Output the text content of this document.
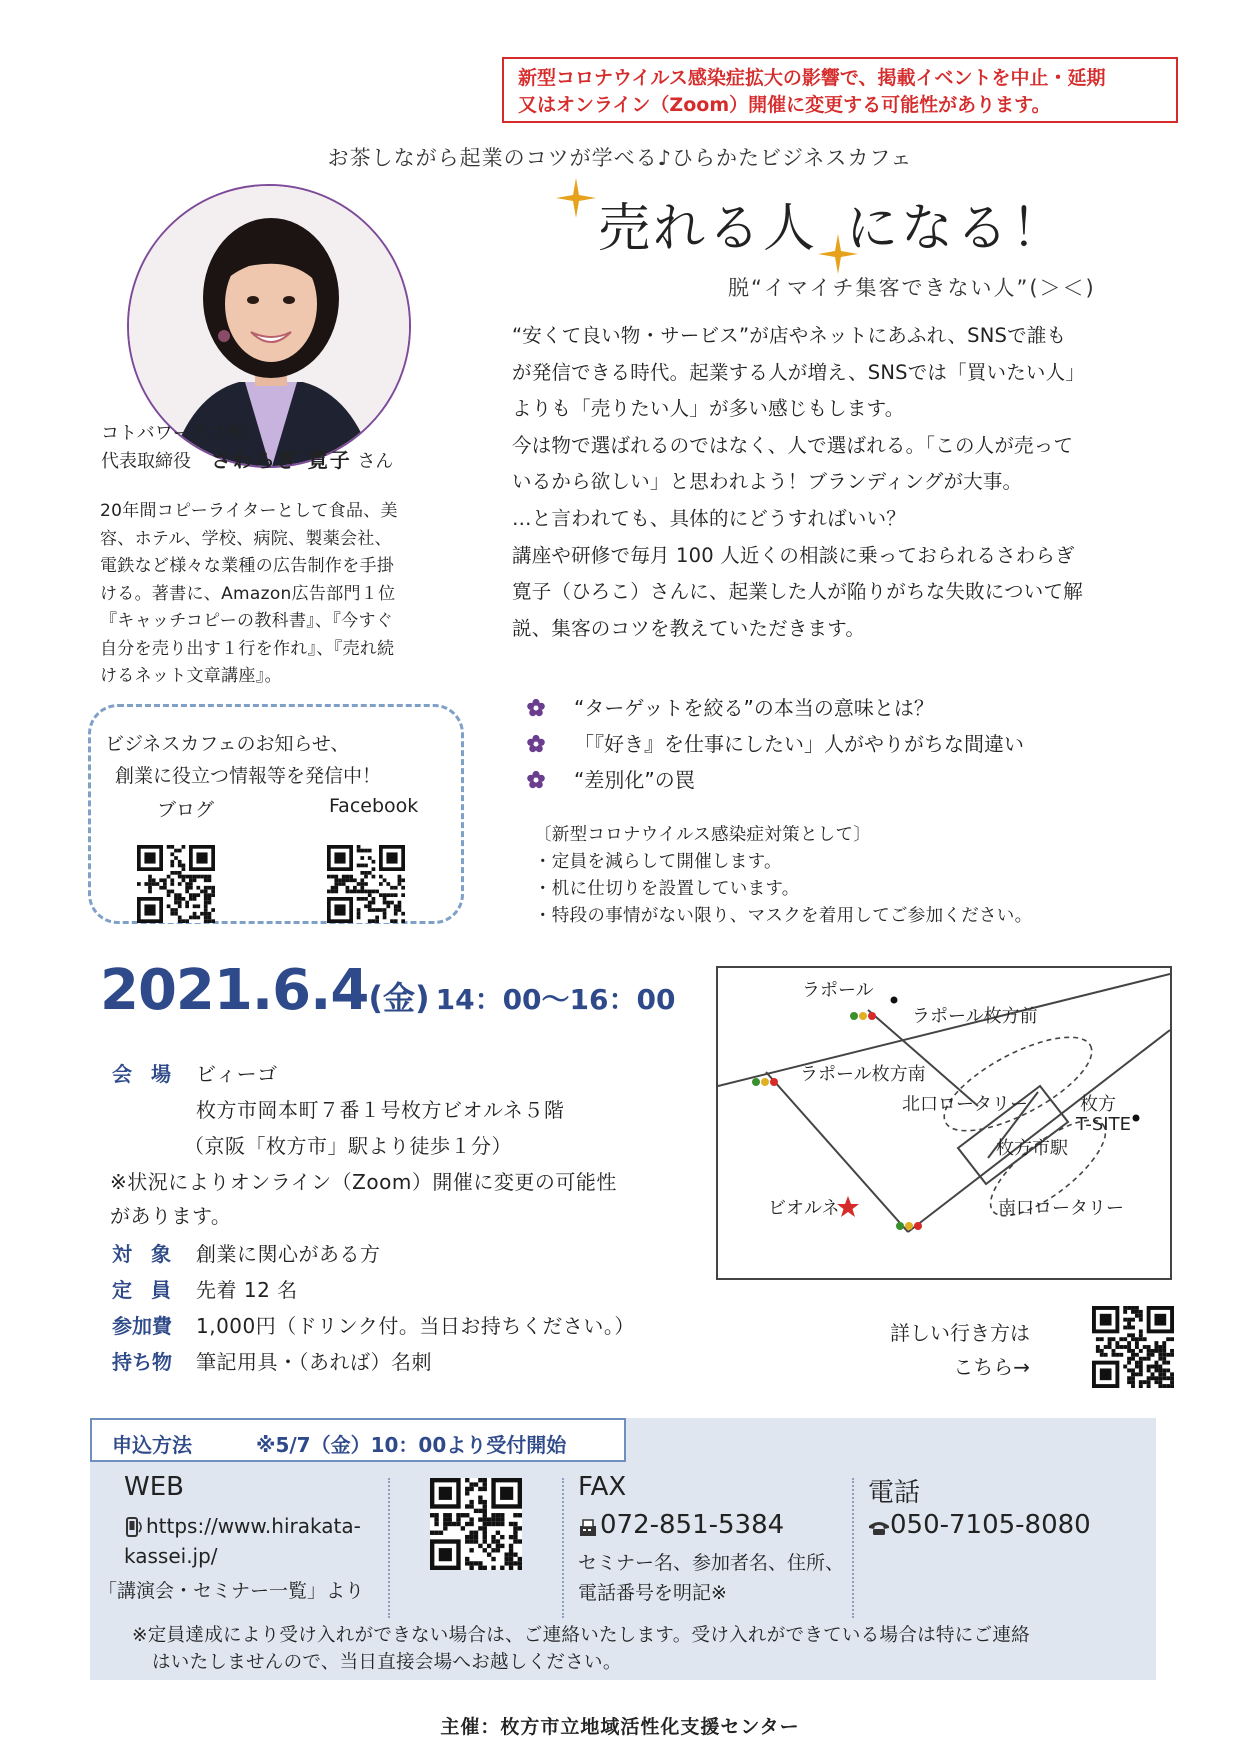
新型コロナウイルス感染症拡大の影響で、掲載イベントを中止・延期
又はオンライン（Zoom）開催に変更する可能性があります。
お茶しながら起業のコツが学べる♪ひらかたビジネスカフェ
売れる人 になる！
脱“イマイチ集客できない人”(＞＜)
コトバワークス㈱
代表取締役 さわらぎ 寛子 さん
20年間コピーライターとして食品、美
容、ホテル、学校、病院、製薬会社、
電鉄など様々な業種の広告制作を手掛
ける。著書に、Amazon広告部門１位
『キャッチコピーの教科書』、『今すぐ
自分を売り出す１行を作れ』、『売れ続
けるネット文章講座』。
ビジネスカフェのお知らせ、
創業に役立つ情報等を発信中！
ブログ	Facebook
“安くて良い物・サービス”が店やネットにあふれ、SNSで誰も
が発信できる時代。起業する人が増え、SNSでは「買いたい人」
よりも「売りたい人」が多い感じもします。
今は物で選ばれるのではなく、人で選ばれる。「この人が売って
いるから欲しい」と思われよう！ブランディングが大事。
…と言われても、具体的にどうすればいい？
講座や研修で毎月 100 人近くの相談に乗っておられるさわらぎ
寛子（ひろこ）さんに、起業した人が陥りがちな失敗について解
説、集客のコツを教えていただきます。
“ターゲットを絞る”の本当の意味とは？
「『好き』を仕事にしたい」人がやりがちな間違い
“差別化”の罠
〔新型コロナウイルス感染症対策として〕
・定員を減らして開催します。
・机に仕切りを設置しています。
・特段の事情がない限り、マスクを着用してご参加ください。
2021.6.4(金) 14：00～16：00
会 場 ビィーゴ
枚方市岡本町７番１号枚方ビオルネ５階
（京阪「枚方市」駅より徒歩１分）
※状況によりオンライン（Zoom）開催に変更の可能性
があります。
対 象 創業に関心がある方
定 員 先着 12 名
参加費 1,000円（ドリンク付。当日お持ちください。）
持ち物 筆記用具・（あれば）名刺
ラポール
ラポール枚方前
ラポール枚方南
北口ロータリー	枚方
T-SITE
枚方市駅
ビオルネ	南口ロータリー
詳しい行き方は
こちら→
申込方法	※5/7（金）10：00より受付開始
WEB
https://www.hirakata-
kassei.jp/
「講演会・セミナー一覧」より
FAX
072-851-5384
セミナー名、参加者名、住所、
電話番号を明記※
電話
050-7105-8080
※定員達成により受け入れができない場合は、ご連絡いたします。受け入れができている場合は特にご連絡
はいたしませんので、当日直接会場へお越しください。
主催：枚方市立地域活性化支援センター
